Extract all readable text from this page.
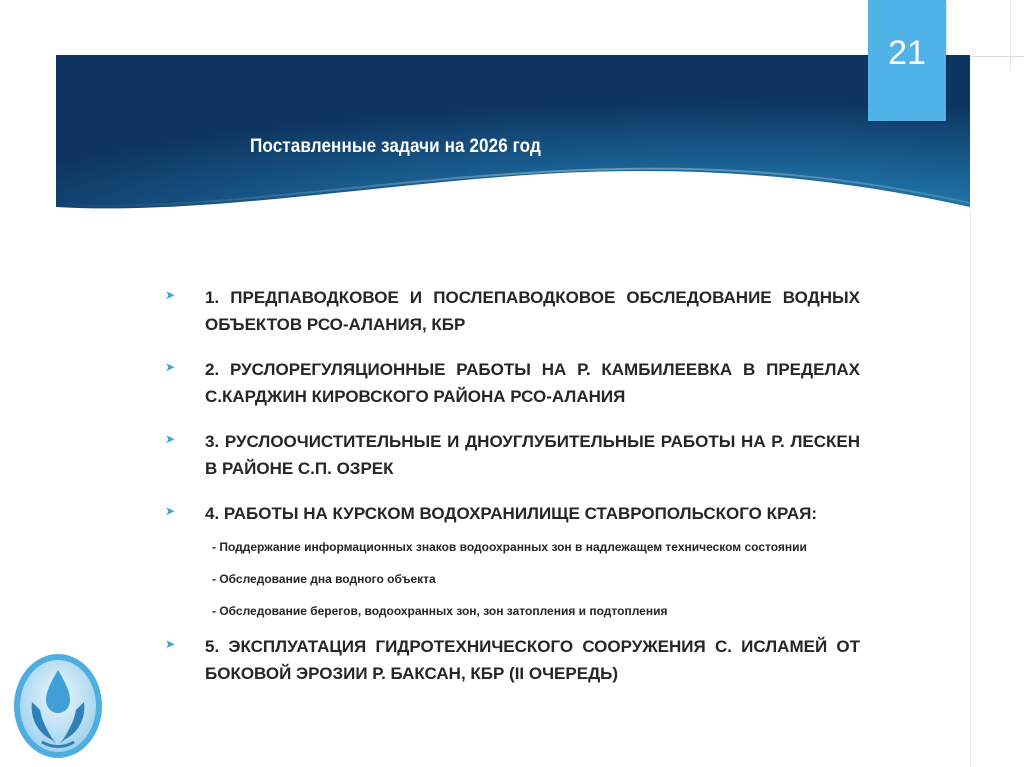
Поставленные задачи на 2026 год
21
➤ 1. ПРЕДПАВОДКОВОЕ И ПОСЛЕПАВОДКОВОЕ ОБСЛЕДОВАНИЕ ВОДНЫХ ОБЪЕКТОВ РСО-АЛАНИЯ, КБР
➤ 2. РУСЛОРЕГУЛЯЦИОННЫЕ РАБОТЫ НА Р. КАМБИЛЕЕВКА В ПРЕДЕЛАХ С.КАРДЖИН КИРОВСКОГО РАЙОНА РСО-АЛАНИЯ
➤ 3. РУСЛООЧИСТИТЕЛЬНЫЕ И ДНОУГЛУБИТЕЛЬНЫЕ РАБОТЫ НА Р. ЛЕСКЕН В РАЙОНЕ С.П. ОЗРЕК
➤ 4. РАБОТЫ НА КУРСКОМ ВОДОХРАНИЛИЩЕ СТАВРОПОЛЬСКОГО КРАЯ:
- Поддержание информационных знаков водоохранных зон в надлежащем техническом состоянии
- Обследование дна водного объекта
- Обследование берегов, водоохранных зон, зон затопления и подтопления
➤ 5. ЭКСПЛУАТАЦИЯ ГИДРОТЕХНИЧЕСКОГО СООРУЖЕНИЯ С. ИСЛАМЕЙ ОТ БОКОВОЙ ЭРОЗИИ Р. БАКСАН, КБР (II ОЧЕРЕДЬ)
